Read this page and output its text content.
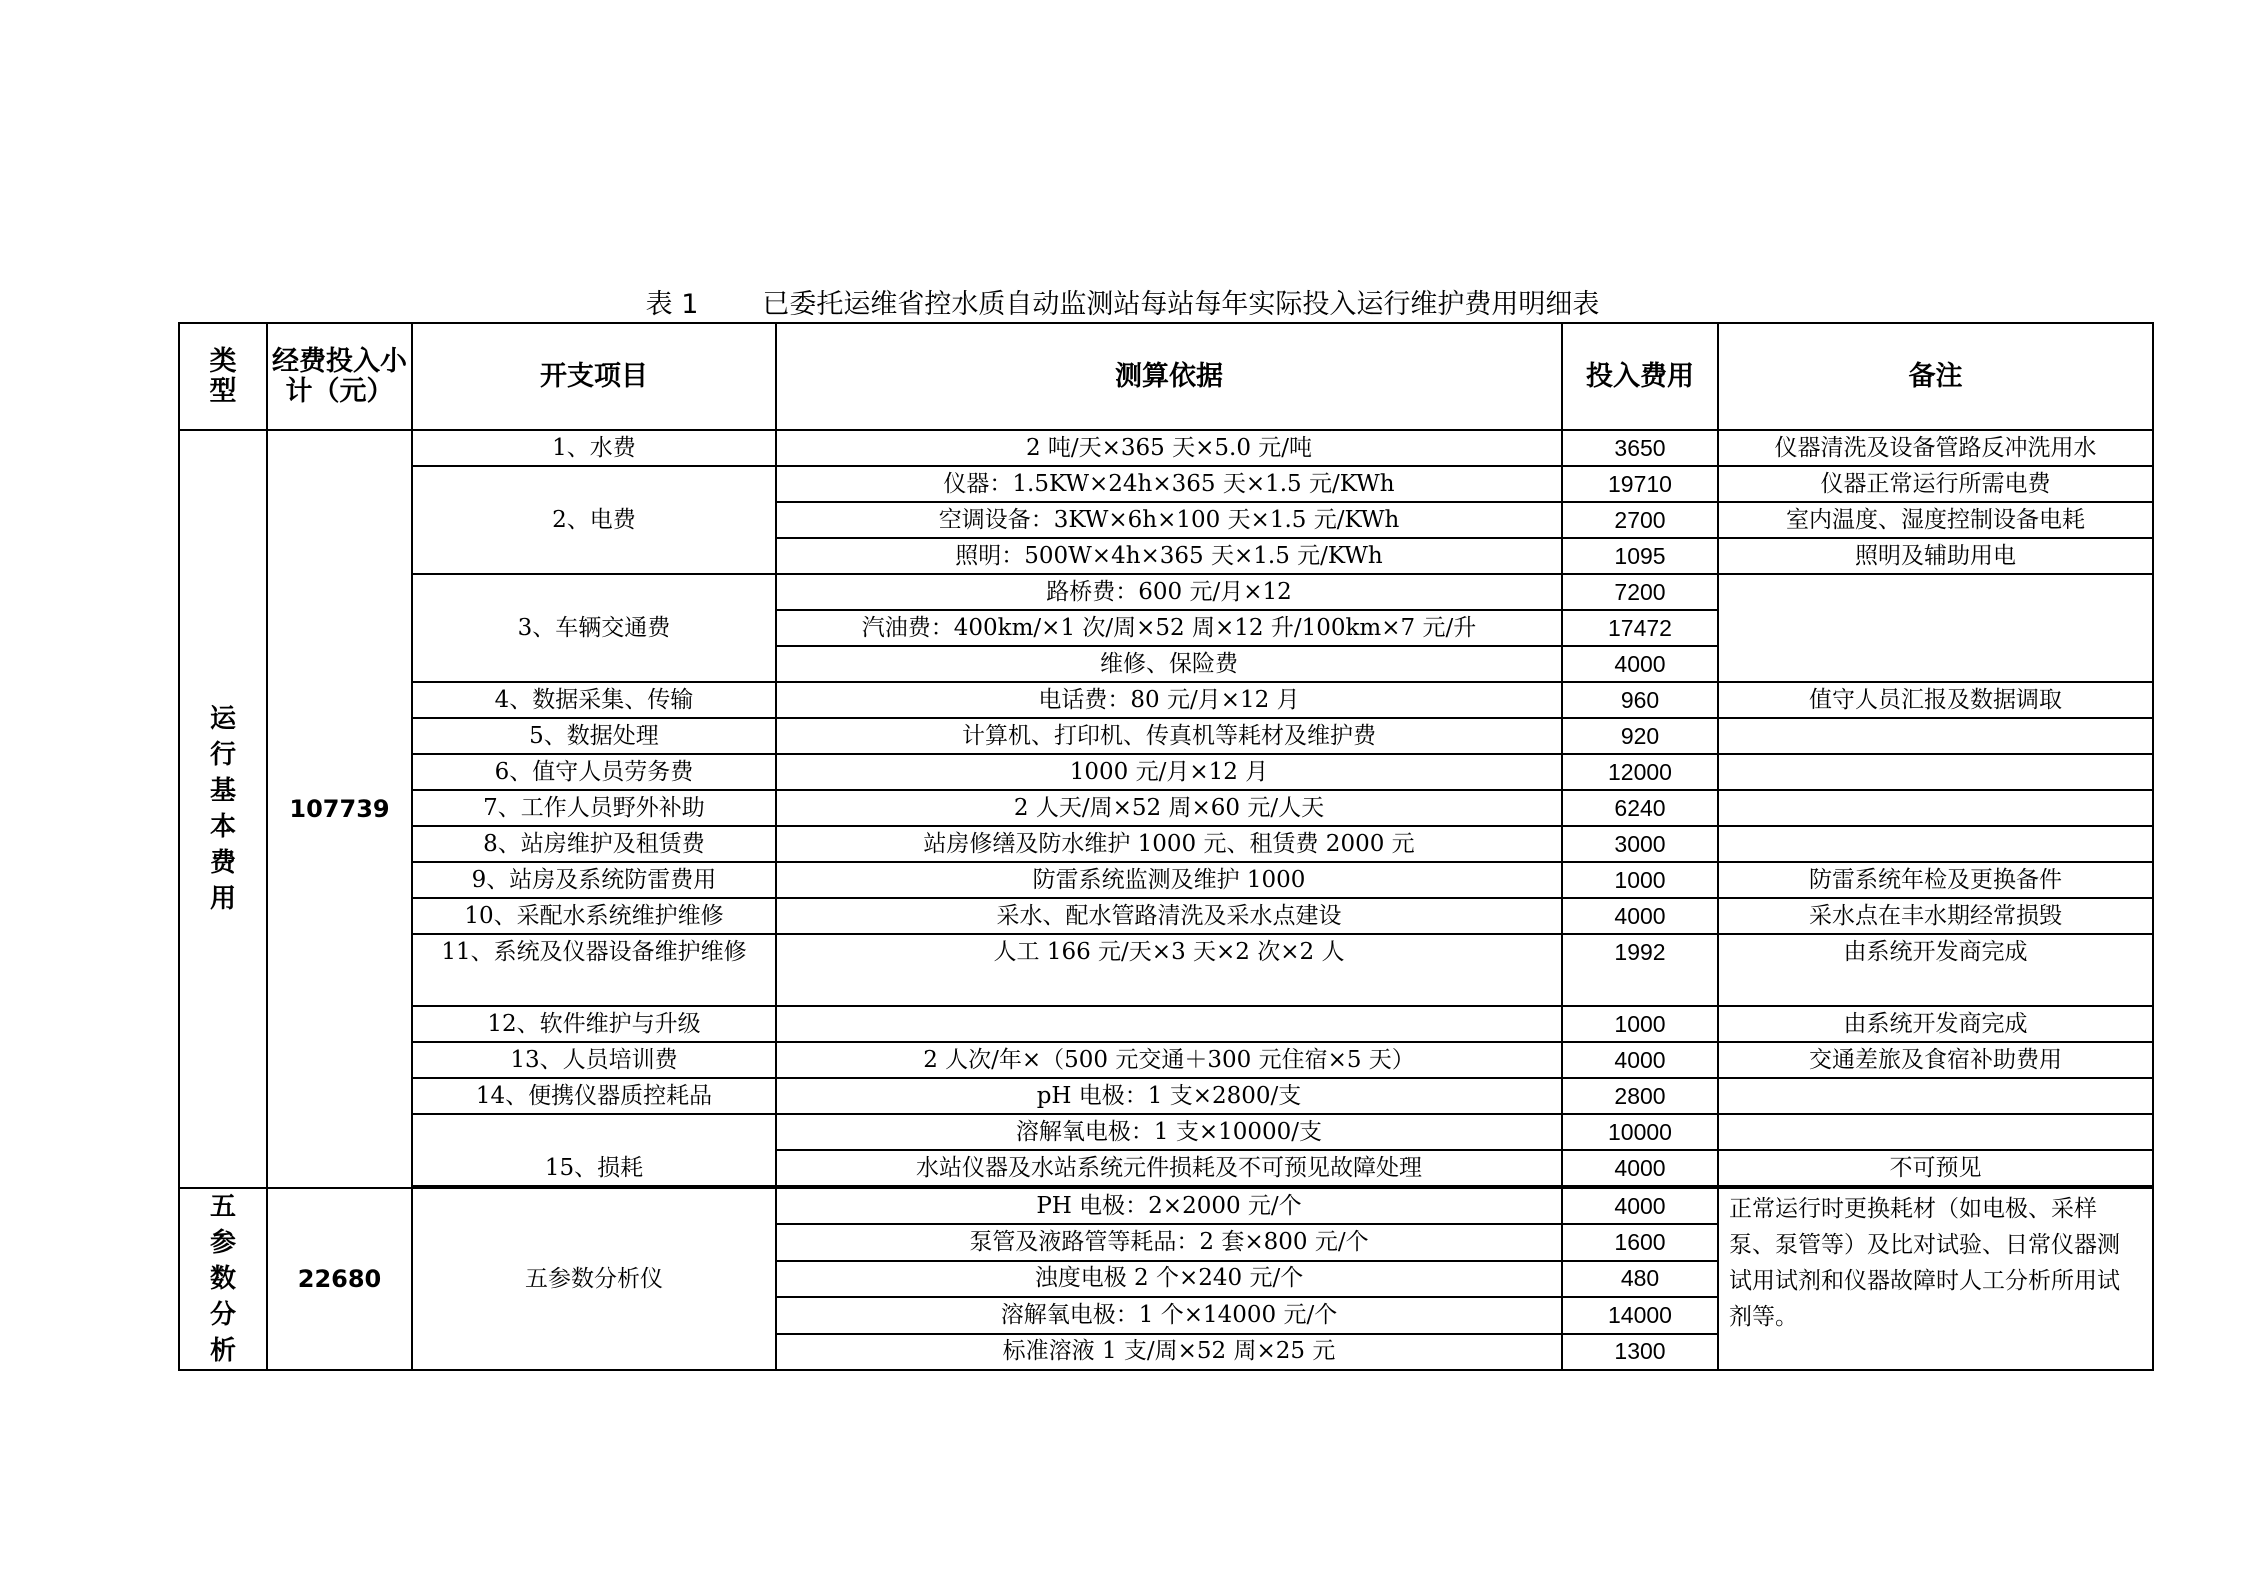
表 1 已委托运维省控水质自动监测站每站每年实际投入运行维护费用明细表
类型	经费投入小计（元）	开支项目	测算依据	投入费用	备注

运行基本费用	107739	1、水费	2 吨/天×365 天×5.0 元/吨	3650	仪器清洗及设备管路反冲洗用水
		2、电费	仪器：1.5KW×24h×365 天×1.5 元/KWh	19710	仪器正常运行所需电费
			空调设备：3KW×6h×100 天×1.5 元/KWh	2700	室内温度、湿度控制设备电耗
			照明：500W×4h×365 天×1.5 元/KWh	1095	照明及辅助用电
		3、车辆交通费	路桥费：600 元/月×12	7200	
			汽油费：400km/×1 次/周×52 周×12 升/100km×7 元/升	17472	
			维修、保险费	4000	
		4、数据采集、传输	电话费：80 元/月×12 月	960	值守人员汇报及数据调取
		5、数据处理	计算机、打印机、传真机等耗材及维护费	920	
		6、值守人员劳务费	1000 元/月×12 月	12000	
		7、工作人员野外补助	2 人天/周×52 周×60 元/人天	6240	
		8、站房维护及租赁费	站房修缮及防水维护 1000 元、租赁费 2000 元	3000	
		9、站房及系统防雷费用	防雷系统监测及维护 1000	1000	防雷系统年检及更换备件
		10、采配水系统维护维修	采水、配水管路清洗及采水点建设	4000	采水点在丰水期经常损毁
		11、系统及仪器设备维护维修	人工 166 元/天×3 天×2 次×2 人	1992	由系统开发商完成
		12、软件维护与升级		1000	由系统开发商完成
		13、人员培训费	2 人次/年×（500 元交通＋300 元住宿×5 天）	4000	交通差旅及食宿补助费用
		14、便携仪器质控耗品	pH 电极：1 支×2800/支	2800	
		15、损耗	溶解氧电极：1 支×10000/支	10000	
			水站仪器及水站系统元件损耗及不可预见故障处理	4000	不可预见

五参数分析	22680	五参数分析仪	PH 电极：2×2000 元/个	4000	正常运行时更换耗材（如电极、采样泵、泵管等）及比对试验、日常仪器测试用试剂和仪器故障时人工分析所用试剂等。
			泵管及液路管等耗品：2 套×800 元/个	1600	
			浊度电极 2 个×240 元/个	480	
			溶解氧电极：1 个×14000 元/个	14000	
			标准溶液 1 支/周×52 周×25 元	1300	
